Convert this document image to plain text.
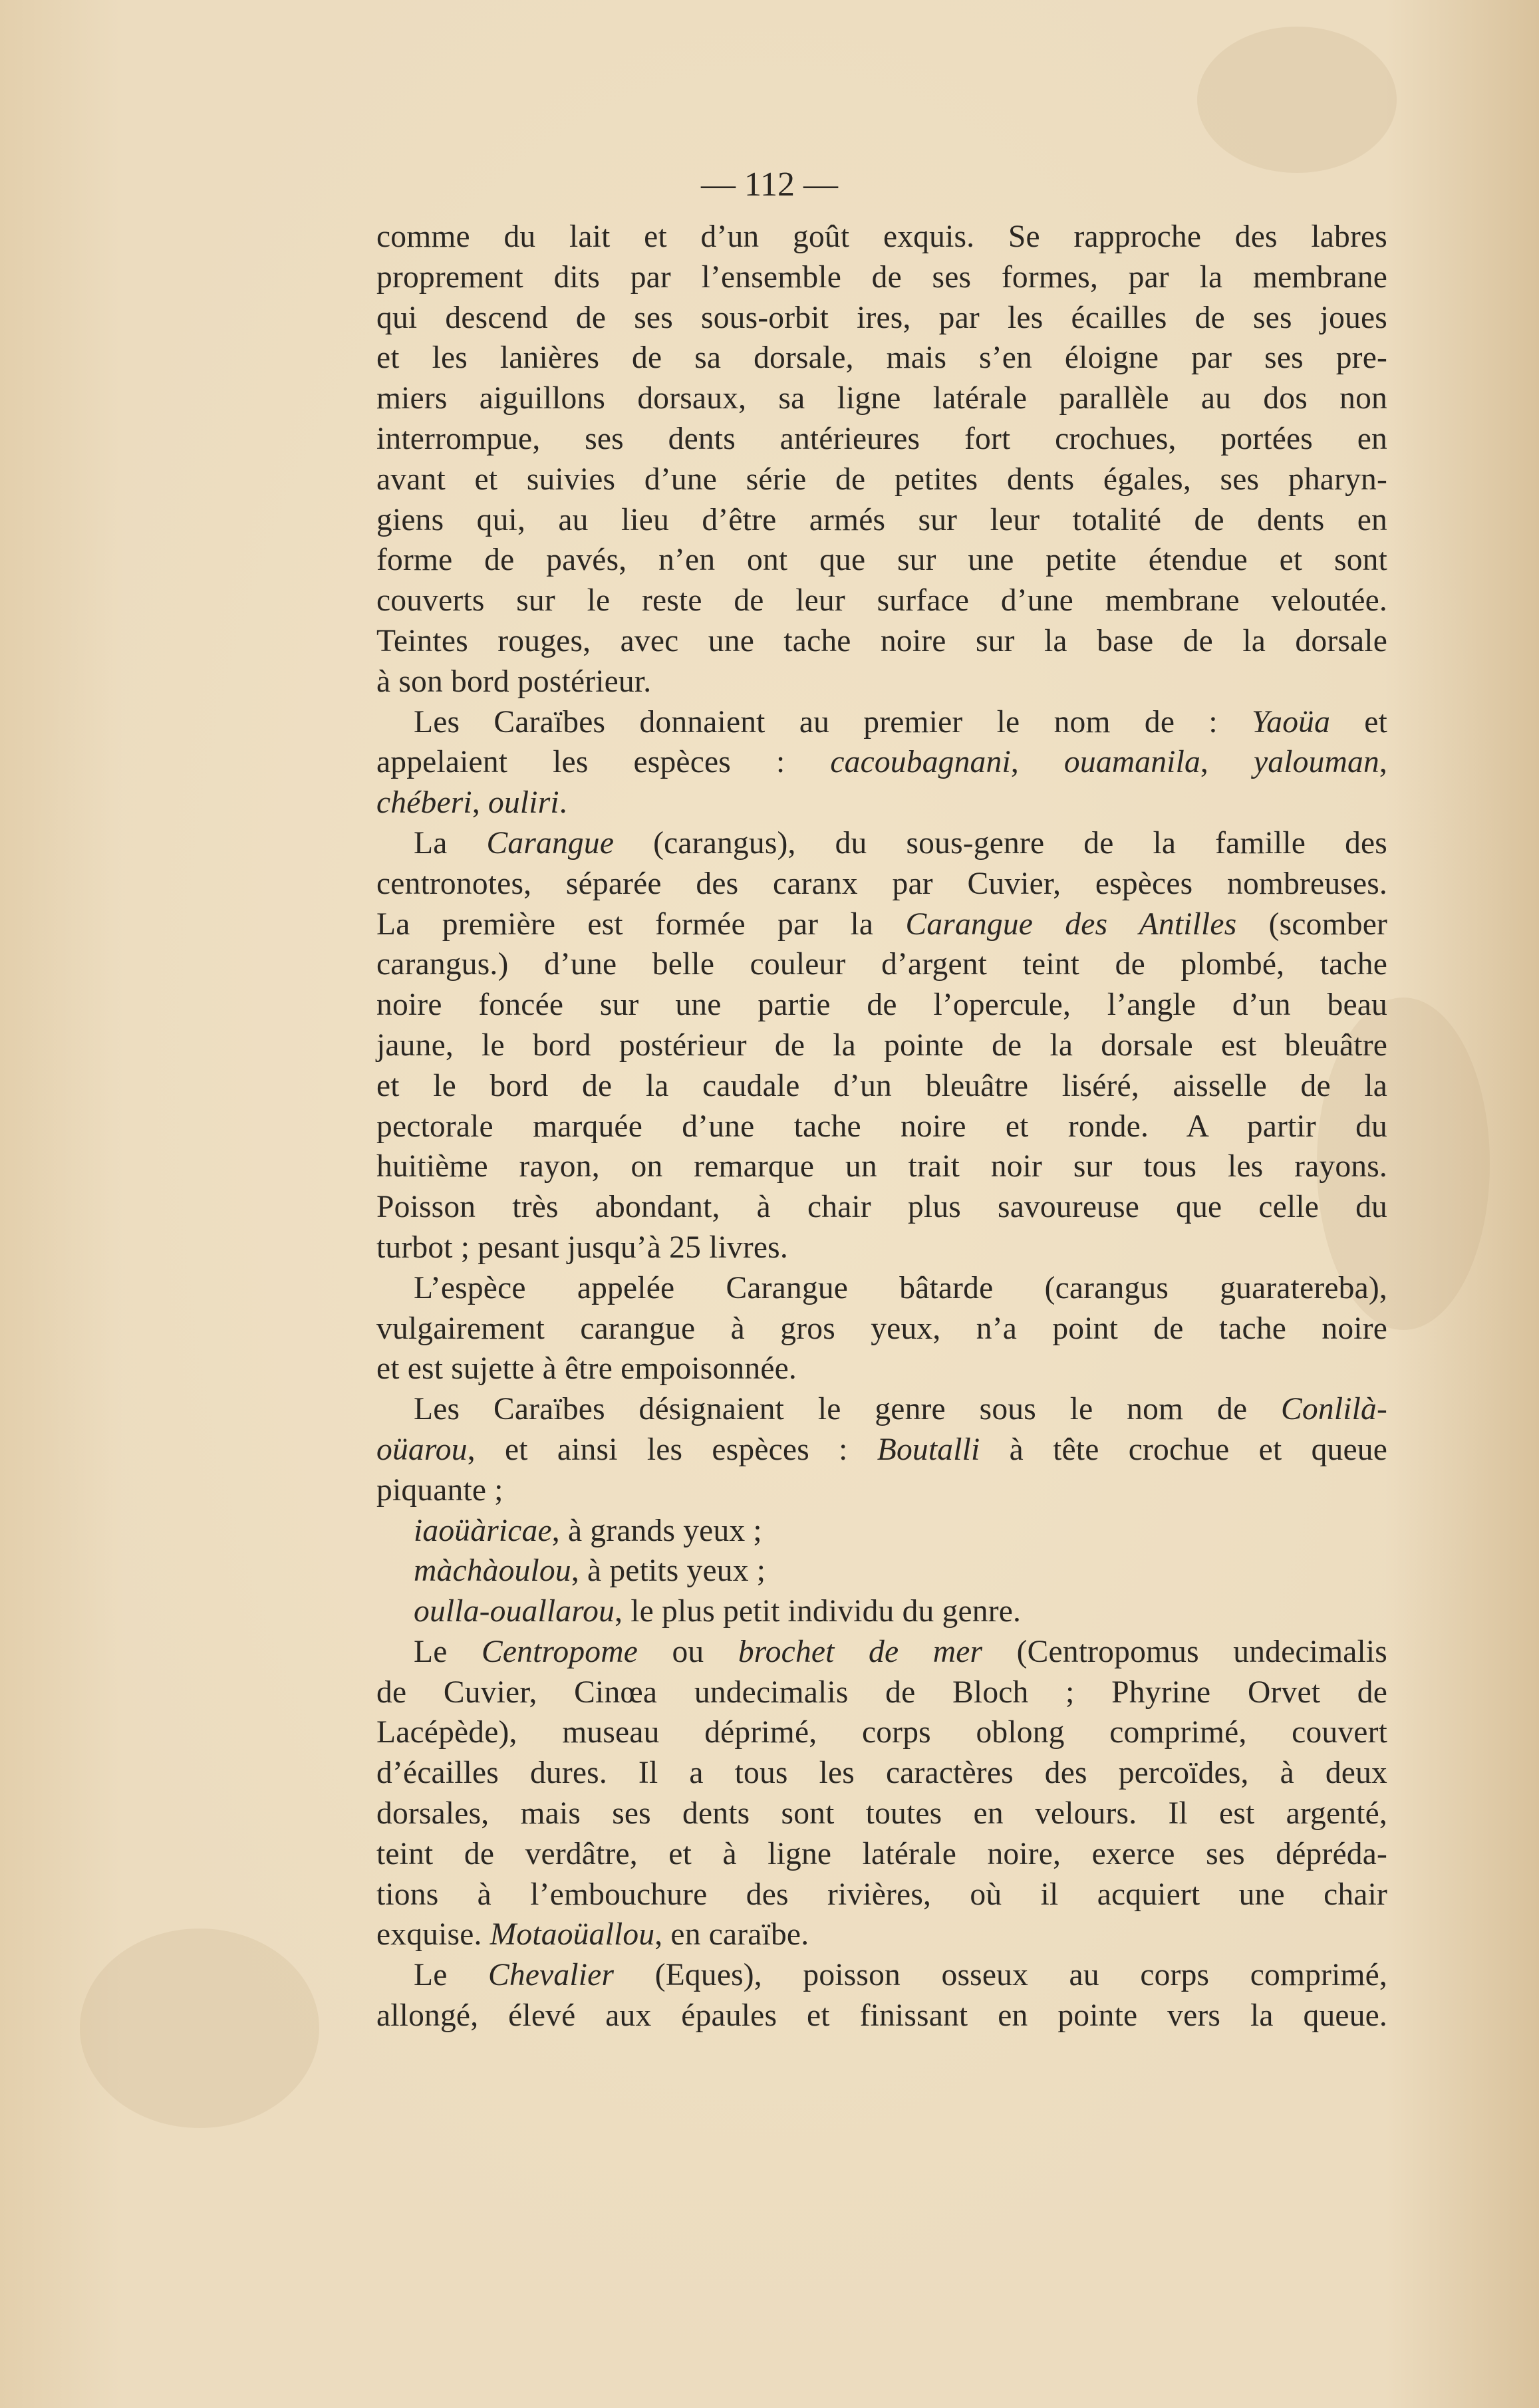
— 112 —
comme du lait et d’un goût exquis. Se rapproche des labres
proprement dits par l’ensemble de ses formes, par la membrane
qui descend de ses sous-orbit ires, par les écailles de ses joues
et les lanières de sa dorsale, mais s’en éloigne par ses pre-
miers aiguillons dorsaux, sa ligne latérale parallèle au dos non
interrompue, ses dents antérieures fort crochues, portées en
avant et suivies d’une série de petites dents égales, ses pharyn-
giens qui, au lieu d’être armés sur leur totalité de dents en
forme de pavés, n’en ont que sur une petite étendue et sont
couverts sur le reste de leur surface d’une membrane veloutée.
Teintes rouges, avec une tache noire sur la base de la dorsale
à son bord postérieur.
Les Caraïbes donnaient au premier le nom de : Yaoüa et
appelaient les espèces : cacoubagnani, ouamanila, yalouman,
chéberi, ouliri.
La Carangue (carangus), du sous-genre de la famille des
centronotes, séparée des caranx par Cuvier, espèces nombreuses.
La première est formée par la Carangue des Antilles (scomber
carangus.) d’une belle couleur d’argent teint de plombé, tache
noire foncée sur une partie de l’opercule, l’angle d’un beau
jaune, le bord postérieur de la pointe de la dorsale est bleuâtre
et le bord de la caudale d’un bleuâtre liséré, aisselle de la
pectorale marquée d’une tache noire et ronde. A partir du
huitième rayon, on remarque un trait noir sur tous les rayons.
Poisson très abondant, à chair plus savoureuse que celle du
turbot ; pesant jusqu’à 25 livres.
L’espèce appelée Carangue bâtarde (carangus guaratereba),
vulgairement carangue à gros yeux, n’a point de tache noire
et est sujette à être empoisonnée.
Les Caraïbes désignaient le genre sous le nom de Conlilà-
oüarou, et ainsi les espèces : Boutalli à tête crochue et queue
piquante ;
iaoüàricae, à grands yeux ;
màchàoulou, à petits yeux ;
oulla-ouallarou, le plus petit individu du genre.
Le Centropome ou brochet de mer (Centropomus undecimalis
de Cuvier, Cinœa undecimalis de Bloch ; Phyrine Orvet de
Lacépède), museau déprimé, corps oblong comprimé, couvert
d’écailles dures. Il a tous les caractères des percoïdes, à deux
dorsales, mais ses dents sont toutes en velours. Il est argenté,
teint de verdâtre, et à ligne latérale noire, exerce ses dépréda-
tions à l’embouchure des rivières, où il acquiert une chair
exquise. Motaoüallou, en caraïbe.
Le Chevalier (Eques), poisson osseux au corps comprimé,
allongé, élevé aux épaules et finissant en pointe vers la queue.
